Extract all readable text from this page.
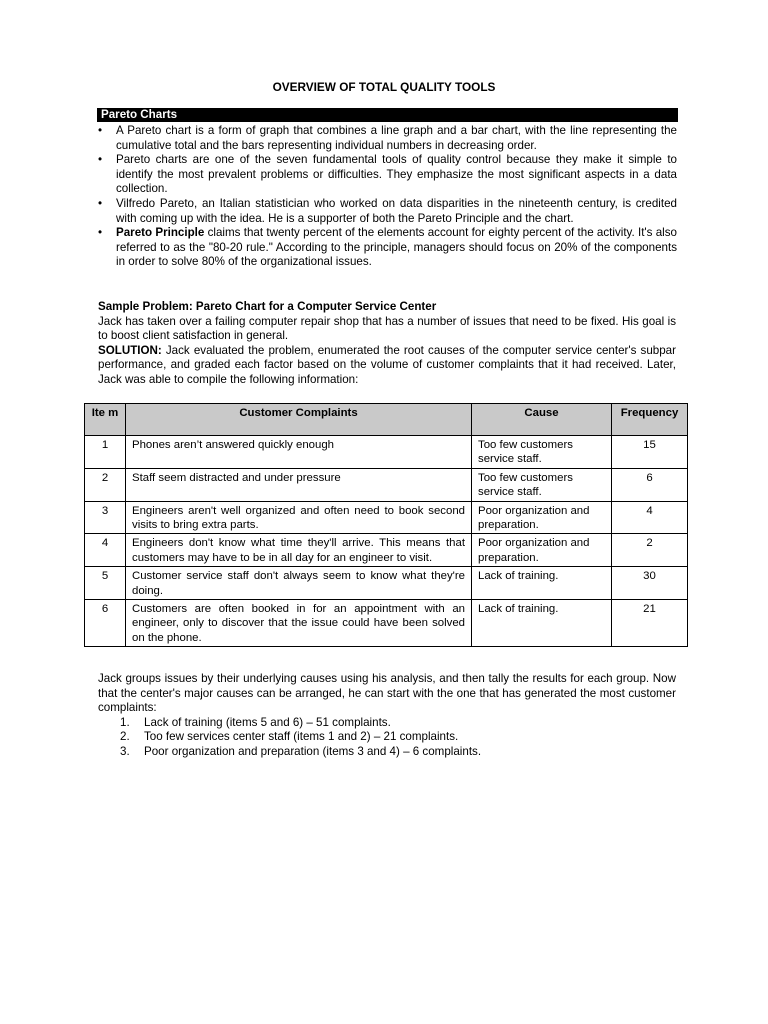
OVERVIEW OF TOTAL QUALITY TOOLS
Pareto Charts
• A Pareto chart is a form of graph that combines a line graph and a bar chart, with the line representing the cumulative total and the bars representing individual numbers in decreasing order.
• Pareto charts are one of the seven fundamental tools of quality control because they make it simple to identify the most prevalent problems or difficulties. They emphasize the most significant aspects in a data collection.
• Vilfredo Pareto, an Italian statistician who worked on data disparities in the nineteenth century, is credited with coming up with the idea. He is a supporter of both the Pareto Principle and the chart.
• Pareto Principle claims that twenty percent of the elements account for eighty percent of the activity. It's also referred to as the "80-20 rule." According to the principle, managers should focus on 20% of the components in order to solve 80% of the organizational issues.

Sample Problem: Pareto Chart for a Computer Service Center

Jack has taken over a failing computer repair shop that has a number of issues that need to be fixed. His goal is to boost client satisfaction in general.

SOLUTION: Jack evaluated the problem, enumerated the root causes of the computer service center's subpar performance, and graded each factor based on the volume of customer complaints that it had received. Later, Jack was able to compile the following information:

Ite m	Customer Complaints	Cause	Frequency
1	Phones aren’t answered quickly enough	Too few customers service staff.	15
2	Staff seem distracted and under pressure	Too few customers service staff.	6
3	Engineers aren't well organized and often need to book second visits to bring extra parts.	Poor organization and preparation.	4
4	Engineers don't know what time they'll arrive. This means that customers may have to be in all day for an engineer to visit.	Poor organization and preparation.	2
5	Customer service staff don't always seem to know what they're doing.	Lack of training.	30
6	Customers are often booked in for an appointment with an engineer, only to discover that the issue could have been solved on the phone.	Lack of training.	21

Jack groups issues by their underlying causes using his analysis, and then tally the results for each group. Now that the center's major causes can be arranged, he can start with the one that has generated the most customer complaints:

1. Lack of training (items 5 and 6) – 51 complaints.
2. Too few services center staff (items 1 and 2) – 21 complaints.
3. Poor organization and preparation (items 3 and 4) – 6 complaints.
